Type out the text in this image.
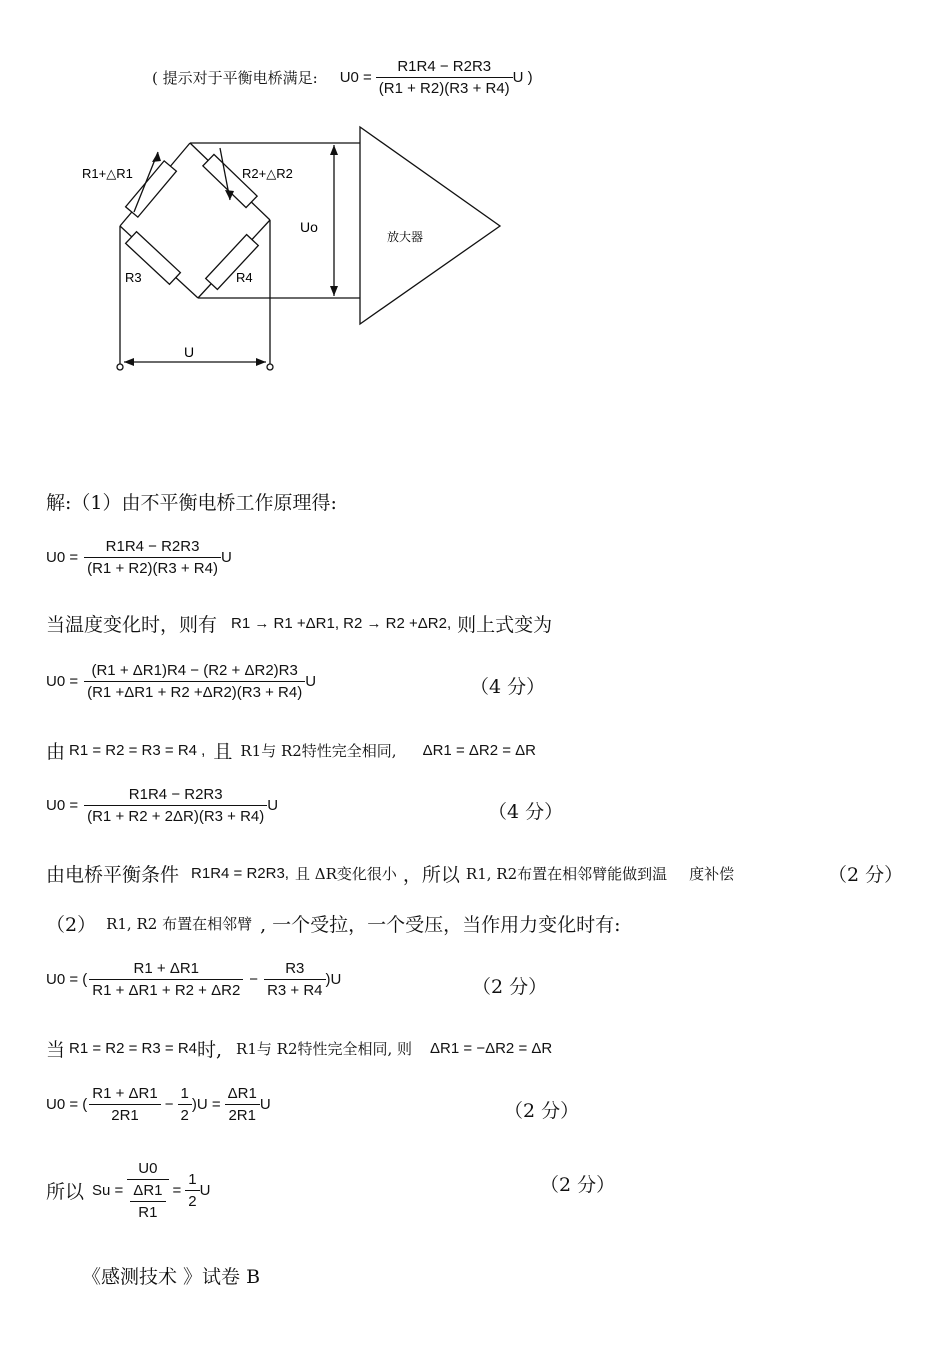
( 提示对于平衡电桥满足: $U0 = \frac{R1R4 - R2R3}{(R1 + R2)(R3 + R4)}$ U )
R1+△R1	R2+△R2
R3	R4
Uo
放大器
U
解:（1）由不平衡电桥工作原理得:
$U0 = \frac{R1R4 - R2R3}{(R1 + R2)(R3 + R4)}$ U
当温度变化时，则有 R1 → R1 +ΔR1, R2 → R2 +ΔR2, 则上式变为
$U0 = \frac{(R1 + \Delta R1)R4 - (R2 + \Delta R2)R3}{(R1 +\Delta R1 + R2 +\Delta R2)(R3 + R4)}$ U	（4 分）
由 R1 = R2 = R3 = R4 , 且 R1与 R2特性完全相同, ΔR1 = ΔR2 = ΔR
$U0 = \frac{R1R4 - R2R3}{(R1 + R2 + 2\Delta R)(R3 + R4)}$ U	（4 分）
由电桥平衡条件 R1R4 = R2R3, 且 ΔR变化很小 ，所以 R1, R2布置在相邻臂能做到温 度补偿	（2 分）
（2） R1, R2 布置在相邻臂 , 一个受拉，一个受压，当作用力变化时有:
U0 = ( $\frac{R1 + \Delta R1}{R1 + \Delta R1 + R2 + \Delta R2} - \frac{R3}{R3 + R4} )U$	（2 分）
当 R1 = R2 = R3 = R4 时, R1与 R2特性完全相同, 则 ΔR1 = −ΔR2 = ΔR
U0 = ( $\frac{R1 + \Delta R1}{2R1} - \frac{1}{2} )U = \frac{\Delta R1}{2R1}$ U	（2 分）
所以 $Su = \frac{U0}{\frac{\Delta R1}{R1}} = \frac{1}{2}$ U	（2 分）
《感测技术 》试卷 B
